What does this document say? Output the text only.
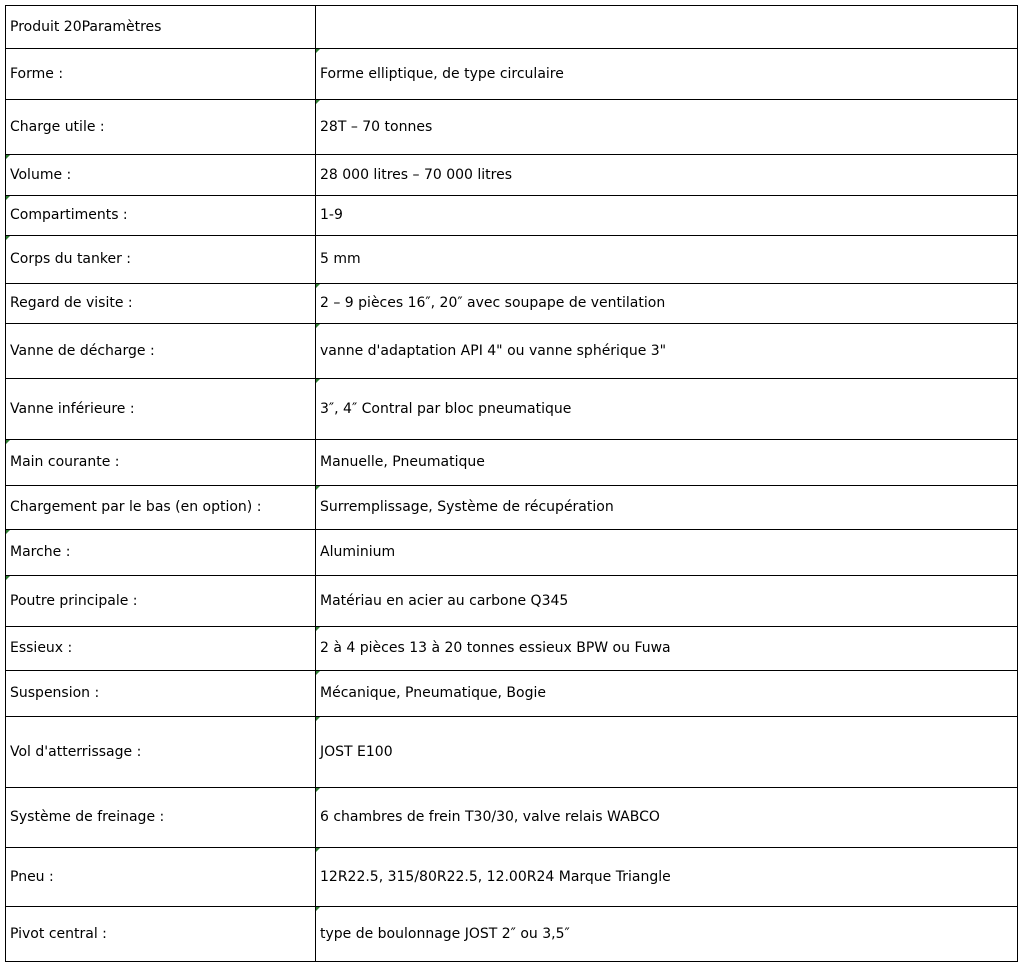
Produit 20Paramètres	
Forme :	Forme elliptique, de type circulaire
Charge utile :	28T – 70 tonnes
Volume :	28 000 litres – 70 000 litres
Compartiments :	1-9
Corps du tanker :	5 mm
Regard de visite :	2 – 9 pièces 16″, 20″ avec soupape de ventilation
Vanne de décharge :	vanne d'adaptation API 4" ou vanne sphérique 3"
Vanne inférieure :	3″, 4″ Contral par bloc pneumatique
Main courante :	Manuelle, Pneumatique
Chargement par le bas (en option) :	Surremplissage, Système de récupération
Marche :	Aluminium
Poutre principale :	Matériau en acier au carbone Q345
Essieux :	2 à 4 pièces 13 à 20 tonnes essieux BPW ou Fuwa
Suspension :	Mécanique, Pneumatique, Bogie
Vol d'atterrissage :	JOST E100
Système de freinage :	6 chambres de frein T30/30, valve relais WABCO
Pneu :	12R22.5, 315/80R22.5, 12.00R24 Marque Triangle
Pivot central :	type de boulonnage JOST 2″ ou 3,5″
